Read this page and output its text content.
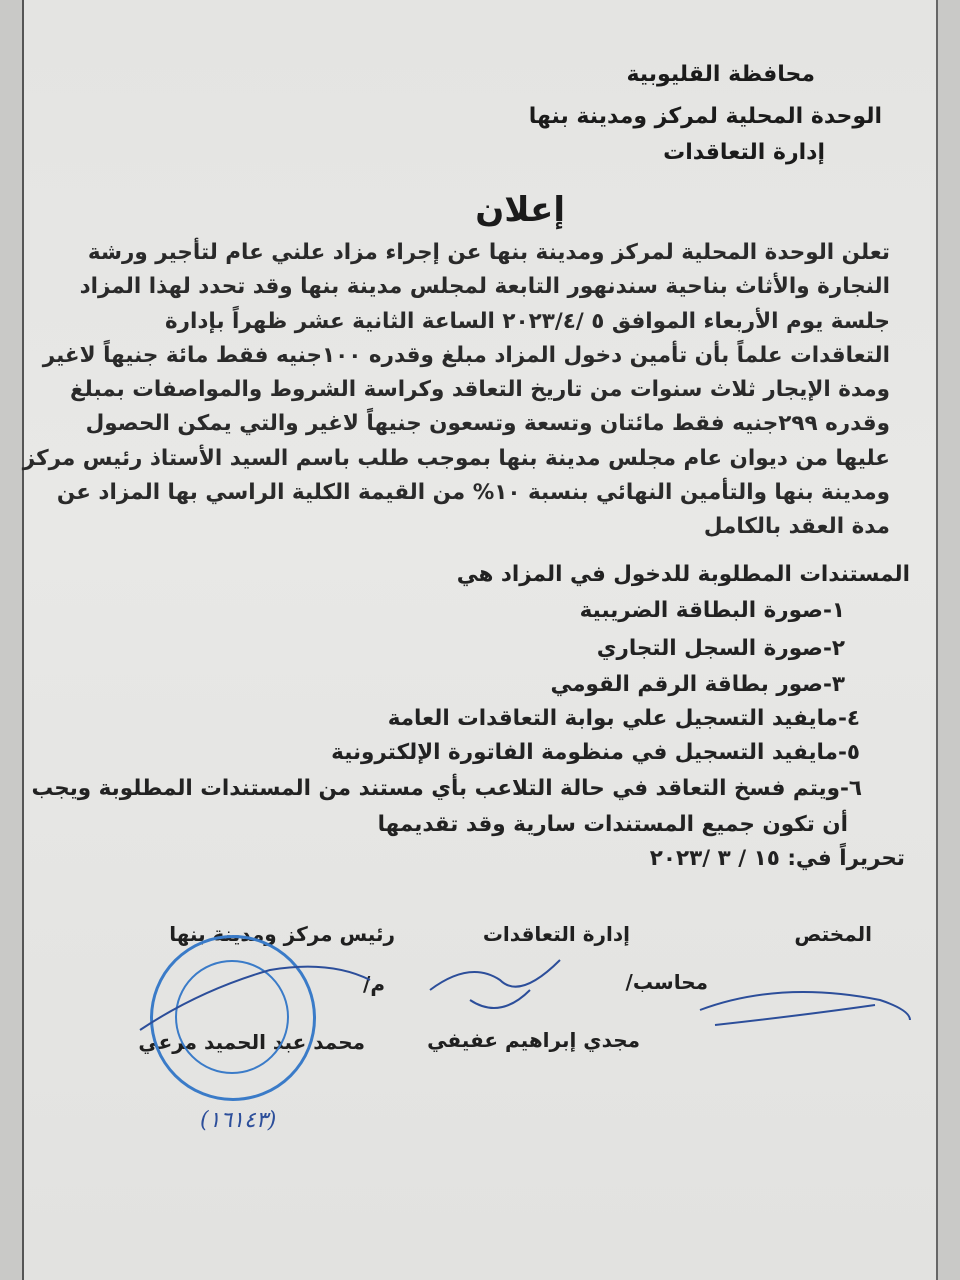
محافظة القليوبية
الوحدة المحلية لمركز ومدينة بنها
إدارة التعاقدات
إعلان
تعلن الوحدة المحلية لمركز ومدينة بنها عن إجراء مزاد علني عام لتأجير ورشة
النجارة والأثاث بناحية سندنهور التابعة لمجلس مدينة بنها وقد تحدد لهذا المزاد
جلسة يوم الأربعاء الموافق ٥ /٢٠٢٣/٤ الساعة الثانية عشر ظهراً بإدارة
التعاقدات علماً بأن تأمين دخول المزاد مبلغ وقدره ١٠٠جنيه فقط مائة جنيهاً لاغير
ومدة الإيجار ثلاث سنوات من تاريخ التعاقد وكراسة الشروط والمواصفات بمبلغ
وقدره ٢٩٩جنيه فقط مائتان وتسعة وتسعون جنيهاً لاغير والتي يمكن الحصول
عليها من ديوان عام مجلس مدينة بنها بموجب طلب باسم السيد الأستاذ رئيس مركز
ومدينة بنها والتأمين النهائي بنسبة ١٠% من القيمة الكلية الراسي بها المزاد عن
مدة العقد بالكامل
المستندات المطلوبة للدخول في المزاد هي
١-صورة البطاقة الضريبية
٢-صورة السجل التجاري
٣-صور بطاقة الرقم القومي
٤-مايفيد التسجيل علي بوابة التعاقدات العامة
٥-مايفيد التسجيل في منظومة الفاتورة الإلكترونية
٦-ويتم فسخ التعاقد في حالة التلاعب بأي مستند من المستندات المطلوبة ويجب
أن تكون جميع المستندات سارية وقد تقديمها
تحريراً في: ١٥ / ٣ /٢٠٢٣
المختص
إدارة التعاقدات
رئيس مركز ومدينة بنها
محاسب/
م/
مجدي إبراهيم عفيفي
محمد عبد الحميد مرعي
(١٦١٤٣)
